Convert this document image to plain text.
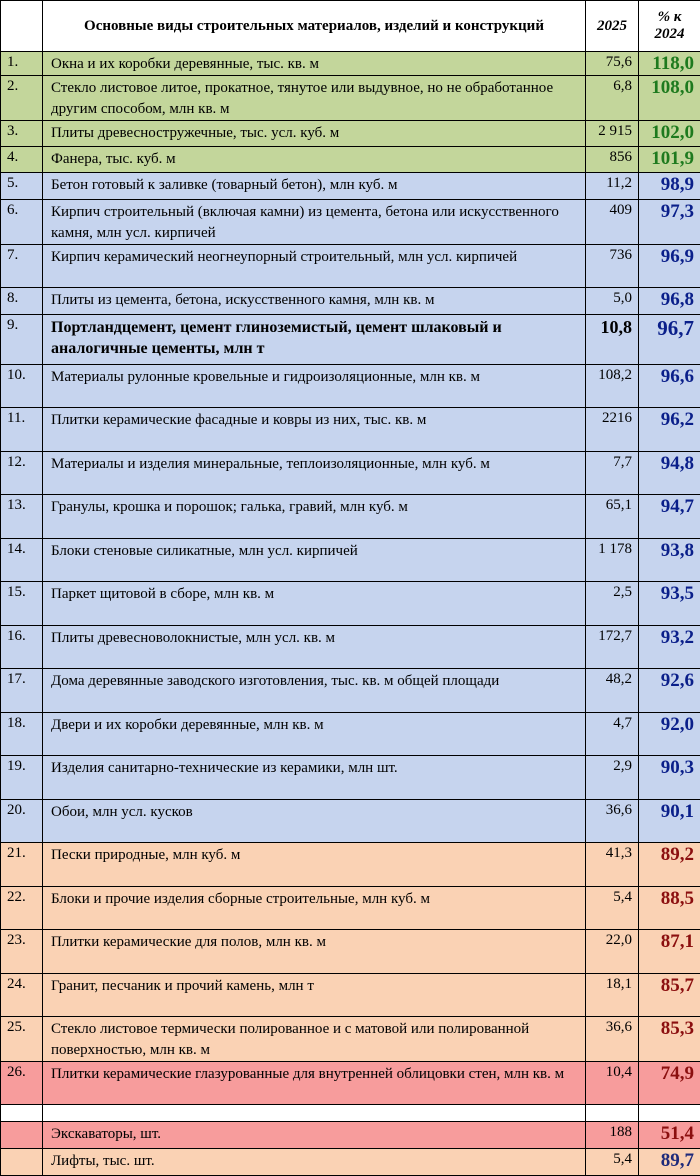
	Основные виды строительных материалов, изделий и конструкций	2025	% к
2024
1.	Окна и их коробки деревянные, тыс. кв. м	75,6	118,0
2.	Стекло листовое литое, прокатное, тянутое или выдувное, но не обработанное другим способом, млн кв. м	6,8	108,0
3.	Плиты древесностружечные, тыс. усл. куб. м	2 915	102,0
4.	Фанера, тыс. куб. м	856	101,9
5.	Бетон готовый к заливке (товарный бетон), млн куб. м	11,2	98,9
6.	Кирпич строительный (включая камни) из цемента, бетона или искусственного камня, млн усл. кирпичей	409	97,3
7.	Кирпич керамический неогнеупорный строительный, млн усл. кирпичей	736	96,9
8.	Плиты из цемента, бетона, искусственного камня, млн кв. м	5,0	96,8
9.	Портландцемент, цемент глиноземистый, цемент шлаковый и аналогичные цементы, млн т	10,8	96,7
10.	Материалы рулонные кровельные и гидроизоляционные, млн кв. м	108,2	96,6
11.	Плитки керамические фасадные и ковры из них, тыс. кв. м	2216	96,2
12.	Материалы и изделия минеральные, теплоизоляционные, млн куб. м	7,7	94,8
13.	Гранулы, крошка и порошок; галька, гравий, млн куб. м	65,1	94,7
14.	Блоки стеновые силикатные, млн усл. кирпичей	1 178	93,8
15.	Паркет щитовой в сборе, млн кв. м	2,5	93,5
16.	Плиты древесноволокнистые, млн усл. кв. м	172,7	93,2
17.	Дома деревянные заводского изготовления, тыс. кв. м общей площади	48,2	92,6
18.	Двери и их коробки деревянные, млн кв. м	4,7	92,0
19.	Изделия санитарно-технические из керамики, млн шт.	2,9	90,3
20.	Обои, млн усл. кусков	36,6	90,1
21.	Пески природные, млн куб. м	41,3	89,2
22.	Блоки и прочие изделия сборные строительные, млн куб. м	5,4	88,5
23.	Плитки керамические для полов, млн кв. м	22,0	87,1
24.	Гранит, песчаник и прочий камень, млн т	18,1	85,7
25.	Стекло листовое термически полированное и с матовой или полированной поверхностью, млн кв. м	36,6	85,3
26.	Плитки керамические глазурованные для внутренней облицовки стен, млн кв. м	10,4	74,9

	Экскаваторы, шт.	188	51,4
	Лифты, тыс. шт.	5,4	89,7
